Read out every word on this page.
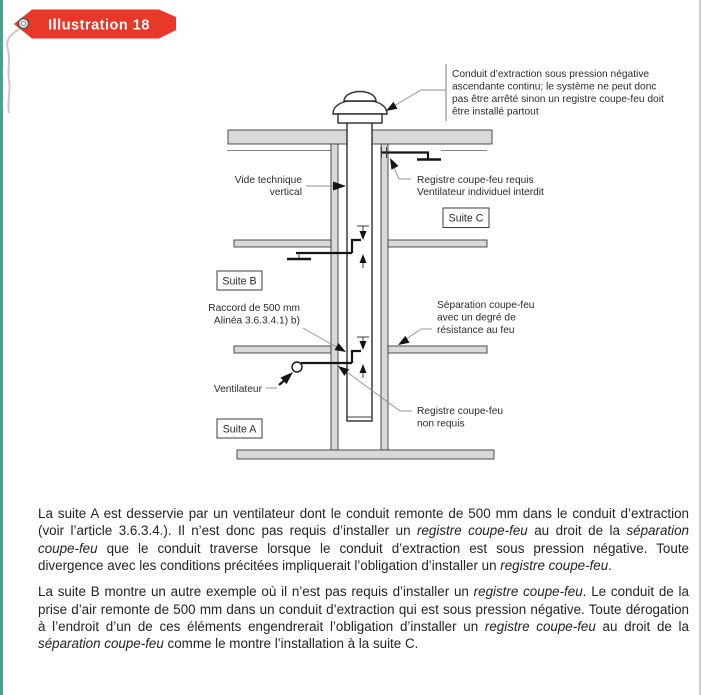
Illustration 18
Conduit d’extraction sous pression négative
ascendante continu; le système ne peut donc
pas être arrêté sinon un registre coupe-feu doit
être installé partout
Vide technique
vertical
Registre coupe-feu requis
Ventilateur individuel interdit
Suite C
Suite B
Raccord de 500 mm
Alinéa 3.6.3.4.1) b)
Séparation coupe-feu
avec un degré de
résistance au feu
Ventilateur
Suite A
Registre coupe-feu
non requis

La suite A est desservie par un ventilateur dont le conduit remonte de 500 mm dans le conduit d’extraction (voir l’article 3.6.3.4.). Il n’est donc pas requis d’installer un registre coupe-feu au droit de la séparation coupe-feu que le conduit traverse lorsque le conduit d’extraction est sous pression négative. Toute divergence avec les conditions précitées impliquerait l’obligation d’installer un registre coupe-feu.

La suite B montre un autre exemple où il n’est pas requis d’installer un registre coupe-feu. Le conduit de la prise d’air remonte de 500 mm dans un conduit d’extraction qui est sous pression négative. Toute dérogation à l’endroit d’un de ces éléments engendrerait l’obligation d’installer un registre coupe-feu au droit de la séparation coupe-feu comme le montre l’installation à la suite C.
